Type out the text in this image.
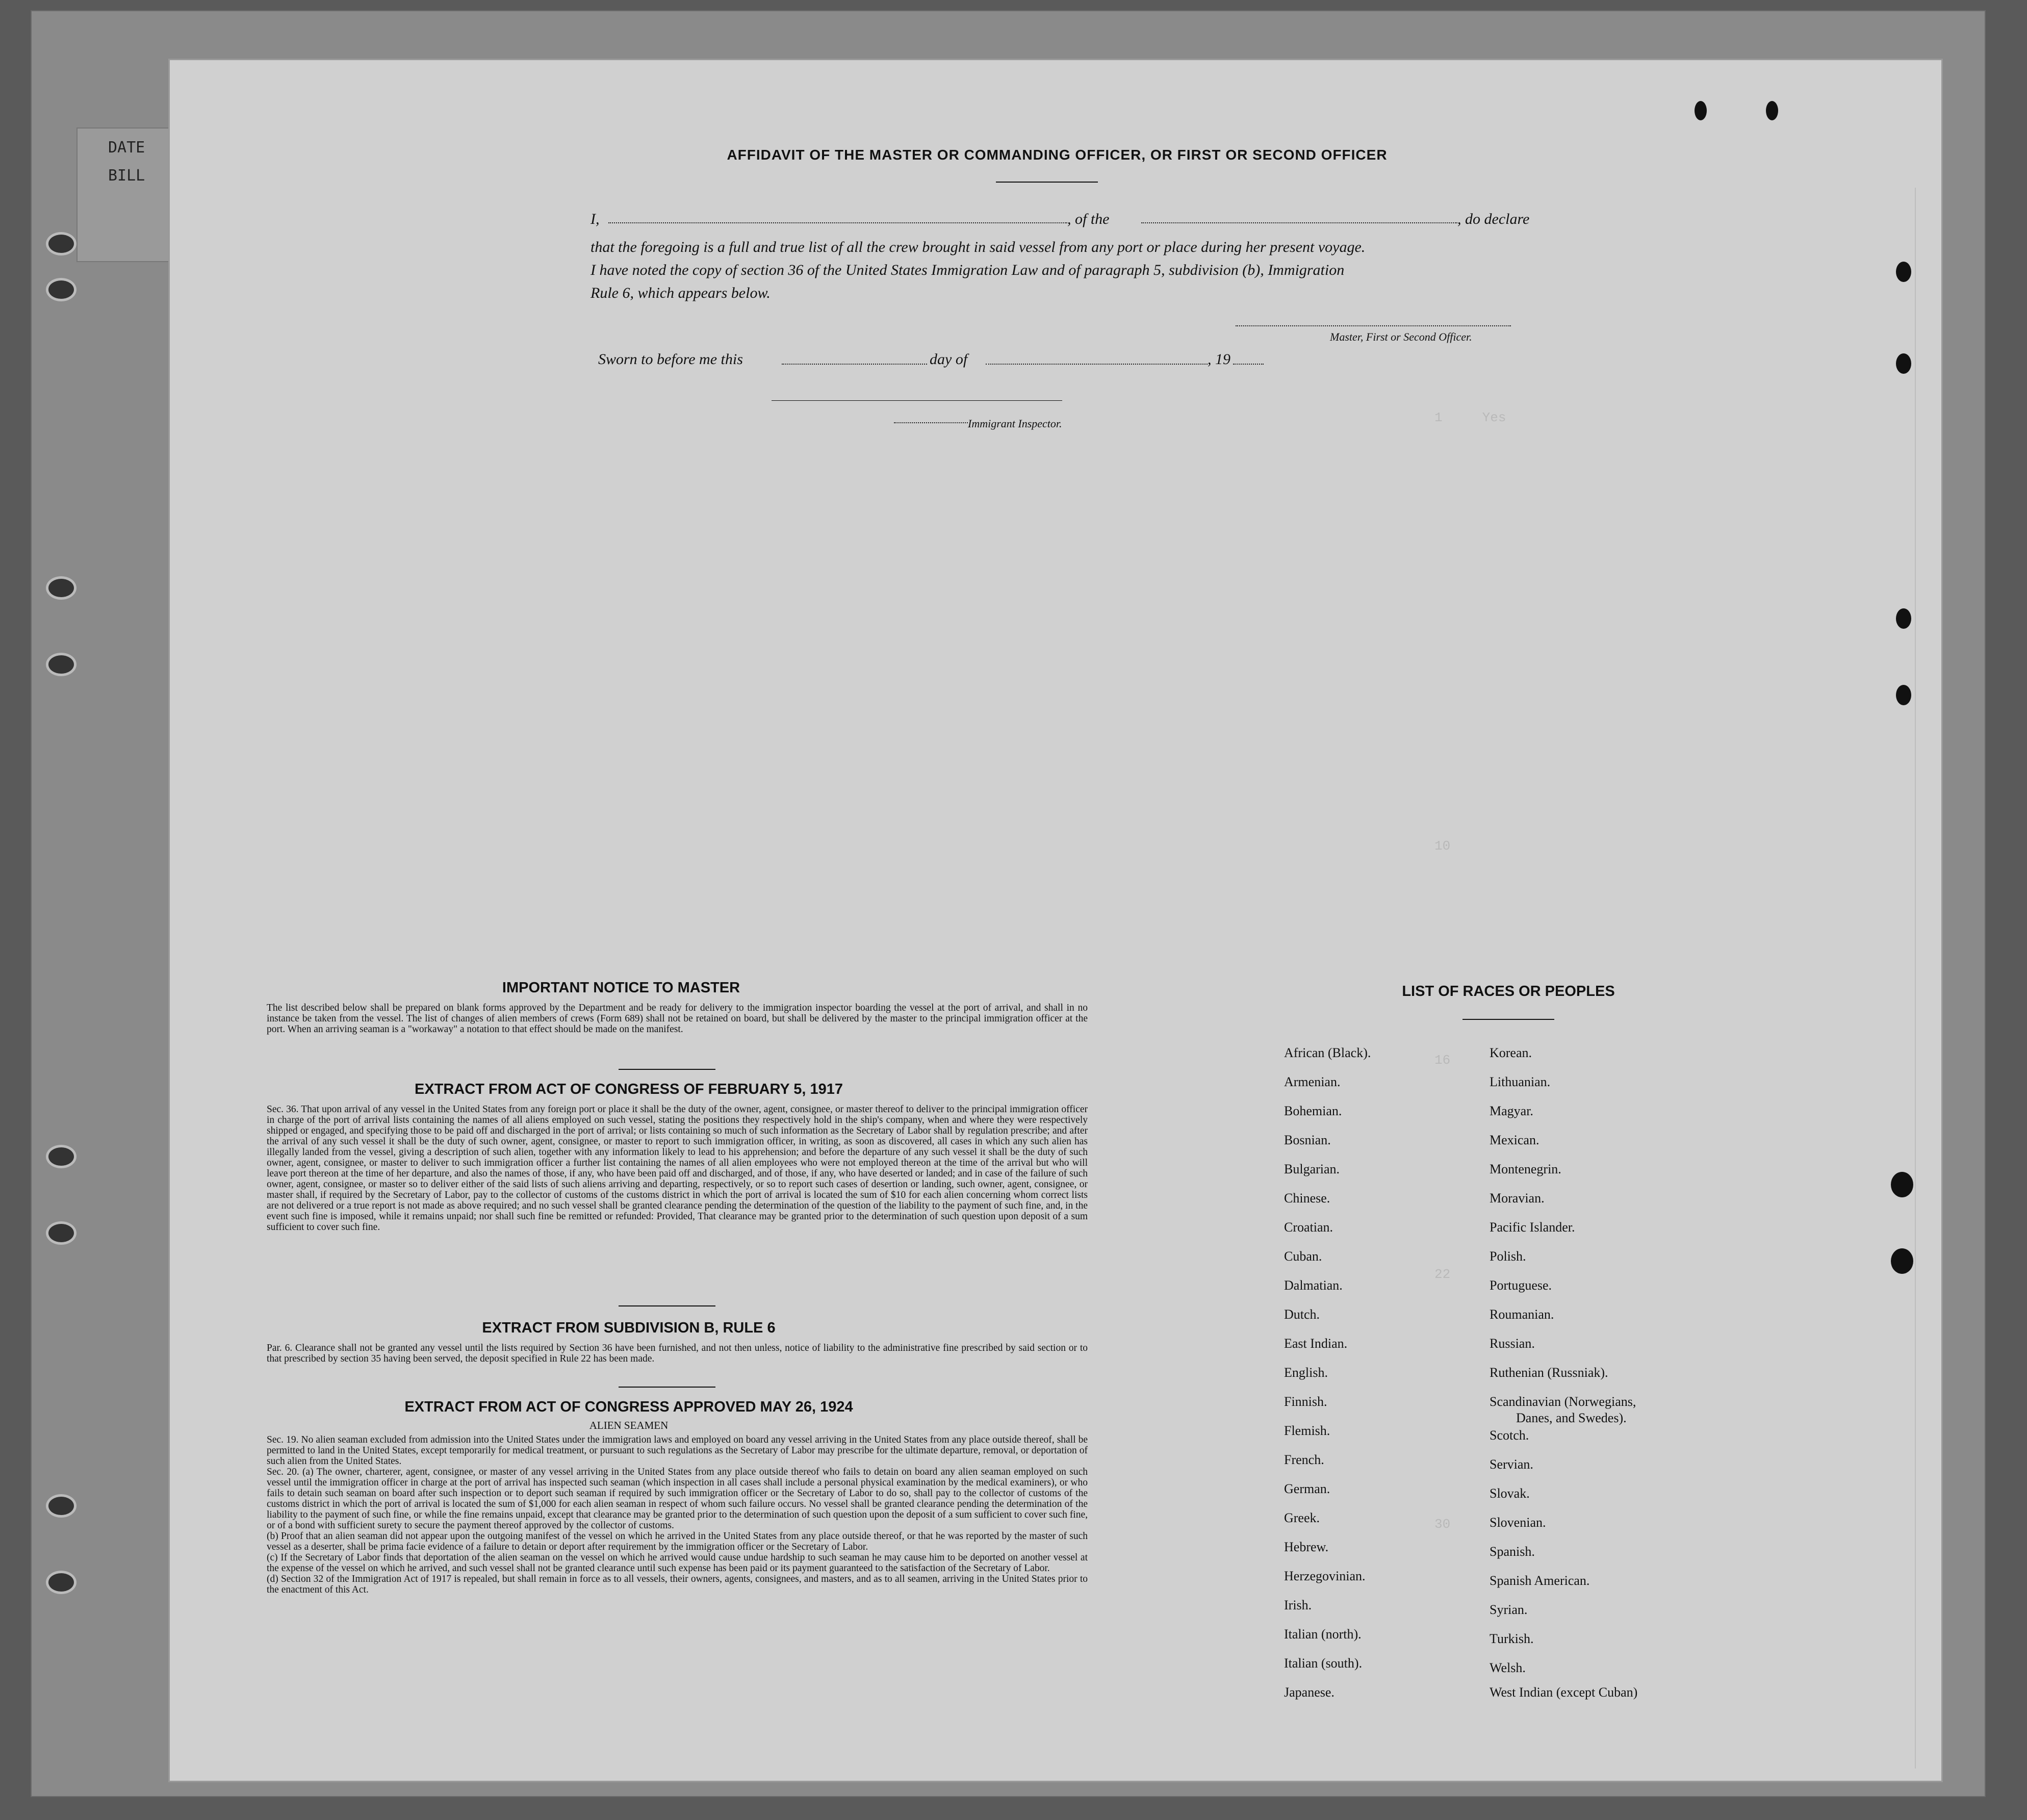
DATE
BILL
1     Yes
10
16
22
30
AFFIDAVIT OF THE MASTER OR COMMANDING OFFICER, OR FIRST OR SECOND OFFICER
I,	, of the	, do declare
that the foregoing is a full and true list of all the crew brought in said vessel from any port or place during her present voyage.
I have noted the copy of section 36 of the United States Immigration Law and of paragraph 5, subdivision (b), Immigration
Rule 6, which appears below.
Master, First or Second Officer.
Sworn to before me this	day of	, 19
Immigrant Inspector.
IMPORTANT NOTICE TO MASTER

The list described below shall be prepared on blank forms approved by the Department and be ready for delivery to the immigration inspector boarding the vessel at the port of arrival, and shall in no instance be taken from the vessel. The list of changes of alien members of crews (Form 689) shall not be retained on board, but shall be delivered by the master to the principal immigration officer at the port. When an arriving seaman is a "workaway" a notation to that effect should be made on the manifest.

EXTRACT FROM ACT OF CONGRESS OF FEBRUARY 5, 1917

Sec. 36. That upon arrival of any vessel in the United States from any foreign port or place it shall be the duty of the owner, agent, consignee, or master thereof to deliver to the principal immigration officer in charge of the port of arrival lists containing the names of all aliens employed on such vessel, stating the positions they respectively hold in the ship's company, when and where they were respectively shipped or engaged, and specifying those to be paid off and discharged in the port of arrival; or lists containing so much of such information as the Secretary of Labor shall by regulation prescribe; and after the arrival of any such vessel it shall be the duty of such owner, agent, consignee, or master to report to such immigration officer, in writing, as soon as discovered, all cases in which any such alien has illegally landed from the vessel, giving a description of such alien, together with any information likely to lead to his apprehension; and before the departure of any such vessel it shall be the duty of such owner, agent, consignee, or master to deliver to such immigration officer a further list containing the names of all alien employees who were not employed thereon at the time of the arrival but who will leave port thereon at the time of her departure, and also the names of those, if any, who have been paid off and discharged, and of those, if any, who have deserted or landed; and in case of the failure of such owner, agent, consignee, or master so to deliver either of the said lists of such aliens arriving and departing, respectively, or so to report such cases of desertion or landing, such owner, agent, consignee, or master shall, if required by the Secretary of Labor, pay to the collector of customs of the customs district in which the port of arrival is located the sum of $10 for each alien concerning whom correct lists are not delivered or a true report is not made as above required; and no such vessel shall be granted clearance pending the determination of the question of the liability to the payment of such fine, and, in the event such fine is imposed, while it remains unpaid; nor shall such fine be remitted or refunded: Provided, That clearance may be granted prior to the determination of such question upon deposit of a sum sufficient to cover such fine.

EXTRACT FROM SUBDIVISION B, RULE 6

Par. 6. Clearance shall not be granted any vessel until the lists required by Section 36 have been furnished, and not then unless, notice of liability to the administrative fine prescribed by said section or to that prescribed by section 35 having been served, the deposit specified in Rule 22 has been made.

EXTRACT FROM ACT OF CONGRESS APPROVED MAY 26, 1924
ALIEN SEAMEN

Sec. 19. No alien seaman excluded from admission into the United States under the immigration laws and employed on board any vessel arriving in the United States from any place outside thereof, shall be permitted to land in the United States, except temporarily for medical treatment, or pursuant to such regulations as the Secretary of Labor may prescribe for the ultimate departure, removal, or deportation of such alien from the United States.

Sec. 20. (a) The owner, charterer, agent, consignee, or master of any vessel arriving in the United States from any place outside thereof who fails to detain on board any alien seaman employed on such vessel until the immigration officer in charge at the port of arrival has inspected such seaman (which inspection in all cases shall include a personal physical examination by the medical examiners), or who fails to detain such seaman on board after such inspection or to deport such seaman if required by such immigration officer or the Secretary of Labor to do so, shall pay to the collector of customs of the customs district in which the port of arrival is located the sum of $1,000 for each alien seaman in respect of whom such failure occurs. No vessel shall be granted clearance pending the determination of the liability to the payment of such fine, or while the fine remains unpaid, except that clearance may be granted prior to the determination of such question upon the deposit of a sum sufficient to cover such fine, or of a bond with sufficient surety to secure the payment thereof approved by the collector of customs.

(b) Proof that an alien seaman did not appear upon the outgoing manifest of the vessel on which he arrived in the United States from any place outside thereof, or that he was reported by the master of such vessel as a deserter, shall be prima facie evidence of a failure to detain or deport after requirement by the immigration officer or the Secretary of Labor.

(c) If the Secretary of Labor finds that deportation of the alien seaman on the vessel on which he arrived would cause undue hardship to such seaman he may cause him to be deported on another vessel at the expense of the vessel on which he arrived, and such vessel shall not be granted clearance until such expense has been paid or its payment guaranteed to the satisfaction of the Secretary of Labor.

(d) Section 32 of the Immigration Act of 1917 is repealed, but shall remain in force as to all vessels, their owners, agents, consignees, and masters, and as to all seamen, arriving in the United States prior to the enactment of this Act.

LIST OF RACES OR PEOPLES
African (Black).
Armenian.
Bohemian.
Bosnian.
Bulgarian.
Chinese.
Croatian.
Cuban.
Dalmatian.
Dutch.
East Indian.
English.
Finnish.
Flemish.
French.
German.
Greek.
Hebrew.
Herzegovinian.
Irish.
Italian (north).
Italian (south).
Japanese.
Korean.
Lithuanian.
Magyar.
Mexican.
Montenegrin.
Moravian.
Pacific Islander.
Polish.
Portuguese.
Roumanian.
Russian.
Ruthenian (Russniak).
Scandinavian (Norwegians,
Danes, and Swedes).
Scotch.
Servian.
Slovak.
Slovenian.
Spanish.
Spanish American.
Syrian.
Turkish.
Welsh.
West Indian (except Cuban)
